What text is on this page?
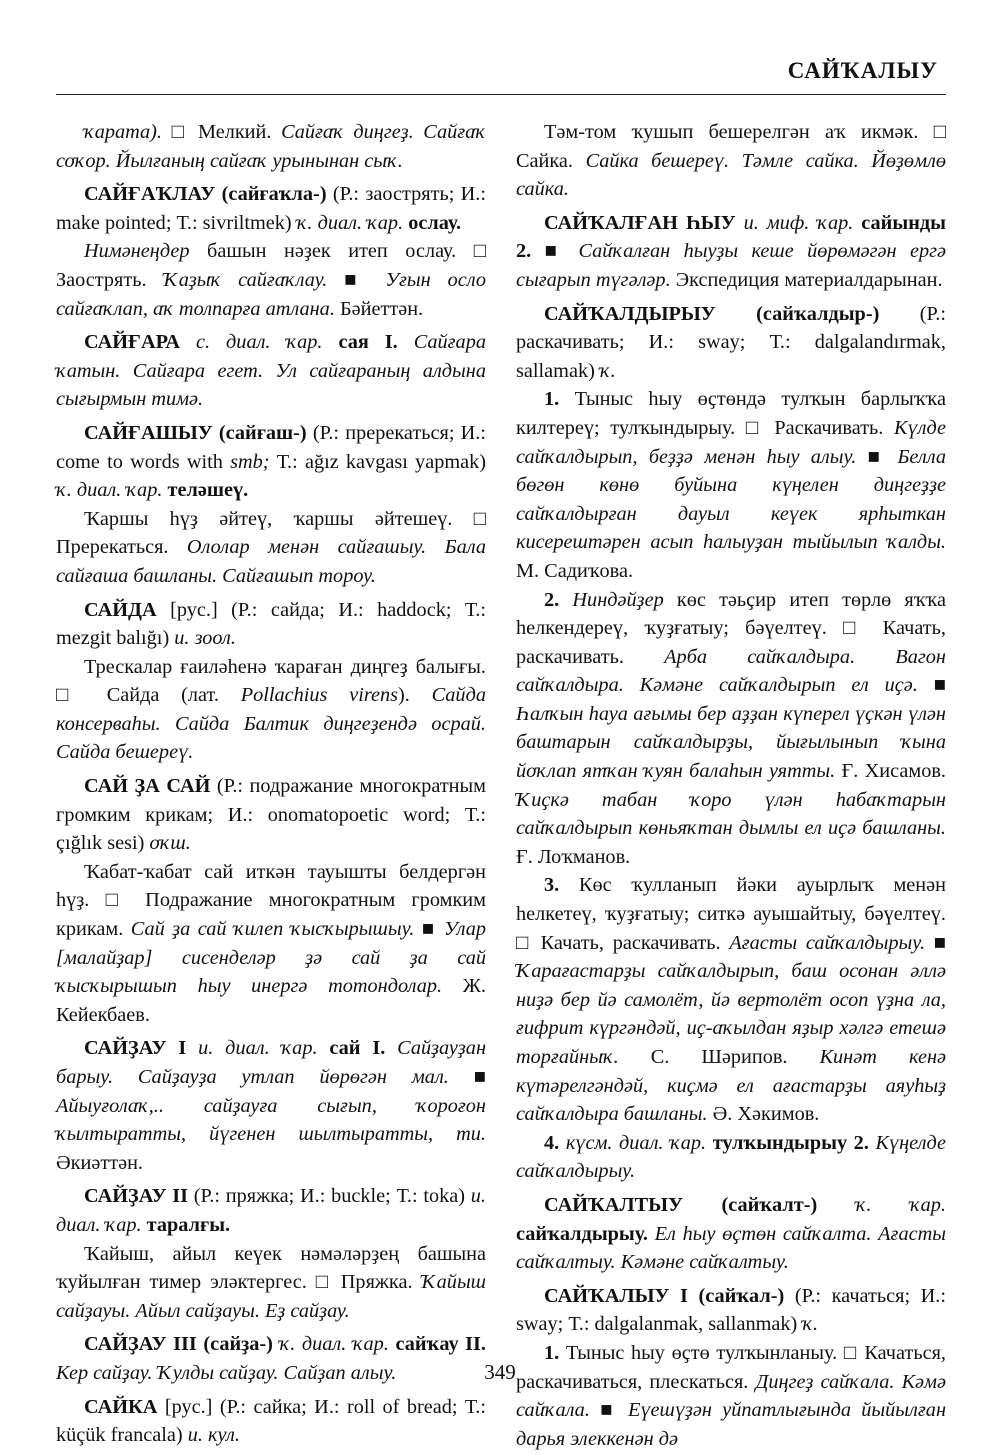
САЙҠАЛЫУ

ҡарата). □ Мелкий. Сайғаҡ диңгеҙ. Сайғаҡ соҡор. Йылғаның сайғаҡ урынынан сыҡ.

САЙҒАҠЛАУ (сайғаҡла-) (Р.: заострять; И.: make pointed; Т.: sivriltmek) ҡ. диал. ҡар. ослау.

Нимәнеңдер башын нәҙек итеп ослау. □ Заострять. Ҡаҙыҡ сайғаҡлау. ■ Уғын осло сайғаҡлап, аҡ толпарға атлана. Бәйеттән.

САЙҒАРА с. диал. ҡар. сая I. Сайғара ҡатын. Сайғара егет. Ул сайғараның алдына сығырмын тимә.

САЙҒАШЫУ (сайғаш-) (Р.: пререкаться; И.: come to words with smb; Т.: ağız kavgası yapmak) ҡ. диал. ҡар. теләшеү.

Ҡаршы һүҙ әйтеү, ҡаршы әйтешеү. □ Пререкаться. Ололар менән сайғашыу. Бала сайғаша башланы. Сайғашып тороу.

САЙДА [рус.] (Р.: сайда; И.: haddock; Т.: mezgit balığı) и. зоол.

Трескалар ғаиләһенә ҡараған диңгеҙ балығы. □ Сайда (лат. Pollachius virens). Сайда консерваһы. Сайда Балтик диңгеҙендә осрай. Сайда бешереү.

САЙ ҘА САЙ (Р.: подражание многократным громким крикам; И.: onomatopoetic word; Т.: çığlık sesi) оҡш.

Ҡабат-ҡабат сай иткән тауышты белдергән һүҙ. □ Подражание многократным громким крикам. Сай ҙа сай ҡилеп ҡысҡырышыу. ■ Улар [малайҙар] сисенделәр ҙә сай ҙа сай ҡысҡырышып һыу инергә тотондолар. Ж. Кейекбаев.

САЙҘАУ I и. диал. ҡар. сай I. Сайҙауҙан барыу. Сайҙауҙа утлап йөрөгән мал. ■ Айыуғолаҡ,.. сайҙауға сығып, ҡороғон ҡылтыратты, йүгенен шылтыратты, ти. Әкиәттән.

САЙҘАУ II (Р.: пряжка; И.: buckle; Т.: toka) и. диал. ҡар. таралғы.

Ҡайыш, айыл кеүек нәмәләрҙең башына ҡуйылған тимер эләктергес. □ Пряжка. Ҡайыш сайҙауы. Айыл сайҙауы. Еҙ сайҙау.

САЙҘАУ III (сайҙа-) ҡ. диал. ҡар. сайҡау II. Кер сайҙау. Ҡулды сайҙау. Сайҙап алыу.

САЙКА [рус.] (Р.: сайка; И.: roll of bread; Т.: küçük francala) и. кул.

Тәм-том ҡушып бешерелгән аҡ икмәк. □ Сайка. Сайка бешереү. Тәмле сайка. Йөҙөмлө сайка.

САЙҠАЛҒАН ҺЫУ и. миф. ҡар. сайынды 2. ■ Сайҡалған һыуҙы кеше йөрөмәгән ергә сығарып түгәләр. Экспедиция материалдарынан.

САЙҠАЛДЫРЫУ (сайҡалдыр-) (Р.: раскачивать; И.: sway; Т.: dalgalandırmak, sallamak) ҡ.

1. Тыныс һыу өҫтөндә тулҡын барлыҡҡа килтереү; тулҡындырыу. □ Раскачивать. Күлде сайҡалдырып, беҙҙә менән һыу алыу. ■ Белла бөгөн көнө буйына күңелен диңгеҙҙе сайҡалдырған дауыл кеүек ярһыткан кисерештәрен асып һалыуҙан тыйылып ҡалды. М. Садиҡова.

2. Ниндәйҙер көс тәьҫир итеп төрлө яҡҡа һелкендереү, ҡуҙғатыу; бәүелтеү. □ Качать, раскачивать. Арба сайҡалдыра. Вагон сайҡалдыра. Кәмәне сайҡалдырып ел иҫә. ■ Һалҡын һауа ағымы бер аҙҙан күперел үҫкән үлән баштарын сайҡалдырҙы, йығылынып ҡына йоҡлап ятҡан ҡуян балаһын уятты. Ғ. Хисамов. Ҡиҫкә табан ҡоро үлән һабаҡтарын сайҡалдырып көньяҡтан дымлы ел иҫә башланы. Ғ. Лоҡманов.

3. Көс ҡулланып йәки ауырлыҡ менән һелкетеү, ҡуҙғатыу; ситкә ауышайтыу, бәүелтеү. □ Качать, раскачивать. Ағасты сайҡалдырыу. ■ Ҡарағастарҙы сайҡалдырып, баш осонан әллә ниҙә бер йә самолёт, йә вертолёт осоп үҙна ла, ғифрит күргәндәй, иҫ-аҡылдан яҙыр хәлгә етешә торғайныҡ. С. Шәрипов. Кинәт кенә күтәрелгәндәй, киҫмә ел ағастарҙы аяуһыҙ сайҡалдыра башланы. Ә. Хәкимов.

4. күсм. диал. ҡар. тулҡындырыу 2. Күңелде сайҡалдырыу.

САЙҠАЛТЫУ (сайҡалт-) ҡ. ҡар. сайҡалдырыу. Ел һыу өҫтөн сайҡалта. Ағасты сайҡалтыу. Кәмәне сайҡалтыу.

САЙҠАЛЫУ I (сайҡал-) (Р.: качаться; И.: sway; Т.: dalgalanmak, sallanmak) ҡ.

1. Тыныс һыу өҫтө тулҡынланыу. □ Качаться, раскачиваться, плескаться. Диңгеҙ сайҡала. Кәмә сайҡала. ■ Еүешүҙән уйпатлығында йыйылған дарья элеккенән дә

349
